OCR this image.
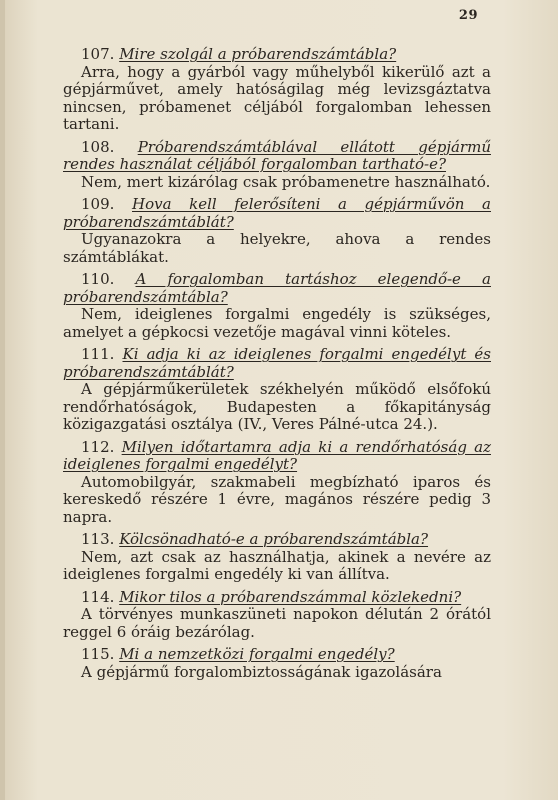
29

107. Mire szolgál a próbarendszámtábla?

Arra, hogy a gyárból vagy műhelyből kikerülő azt a gépjárművet, amely hatóságilag még levizsgáztatva nincsen, próbamenet céljából forgalomban lehessen tartani.

108. Próbarendszámtáblával ellátott gépjármű rendes használat céljából forgalomban tartható-e?

Nem, mert kizárólag csak próbamenetre használható.

109. Hova kell felerősíteni a gépjárművön a próbarendszámtáblát?

Ugyanazokra a helyekre, ahova a rendes számtáblákat.

110. A forgalomban tartáshoz elegendő-e a próbarendszámtábla?

Nem, ideiglenes forgalmi engedély is szükséges, amelyet a gépkocsi vezetője magával vinni köteles.

111. Ki adja ki az ideiglenes forgalmi engedélyt és próbarendszámtáblát?

A gépjárműkerületek székhelyén működő elsőfokú rendőrhatóságok, Budapesten a főkapitányság közigazgatási osztálya (IV., Veres Pálné-utca 24.).

112. Milyen időtartamra adja ki a rendőrhatóság az ideiglenes forgalmi engedélyt?

Automobilgyár, szakmabeli megbízható iparos és kereskedő részére 1 évre, magános részére pedig 3 napra.

113. Kölcsönadható-e a próbarendszámtábla?

Nem, azt csak az használhatja, akinek a nevére az ideiglenes forgalmi engedély ki van állítva.

114. Mikor tilos a próbarendszámmal közlekedni?

A törvényes munkaszüneti napokon délután 2 órától reggel 6 óráig bezárólag.

115. Mi a nemzetközi forgalmi engedély?

A gépjármű forgalombiztosságának igazolására
